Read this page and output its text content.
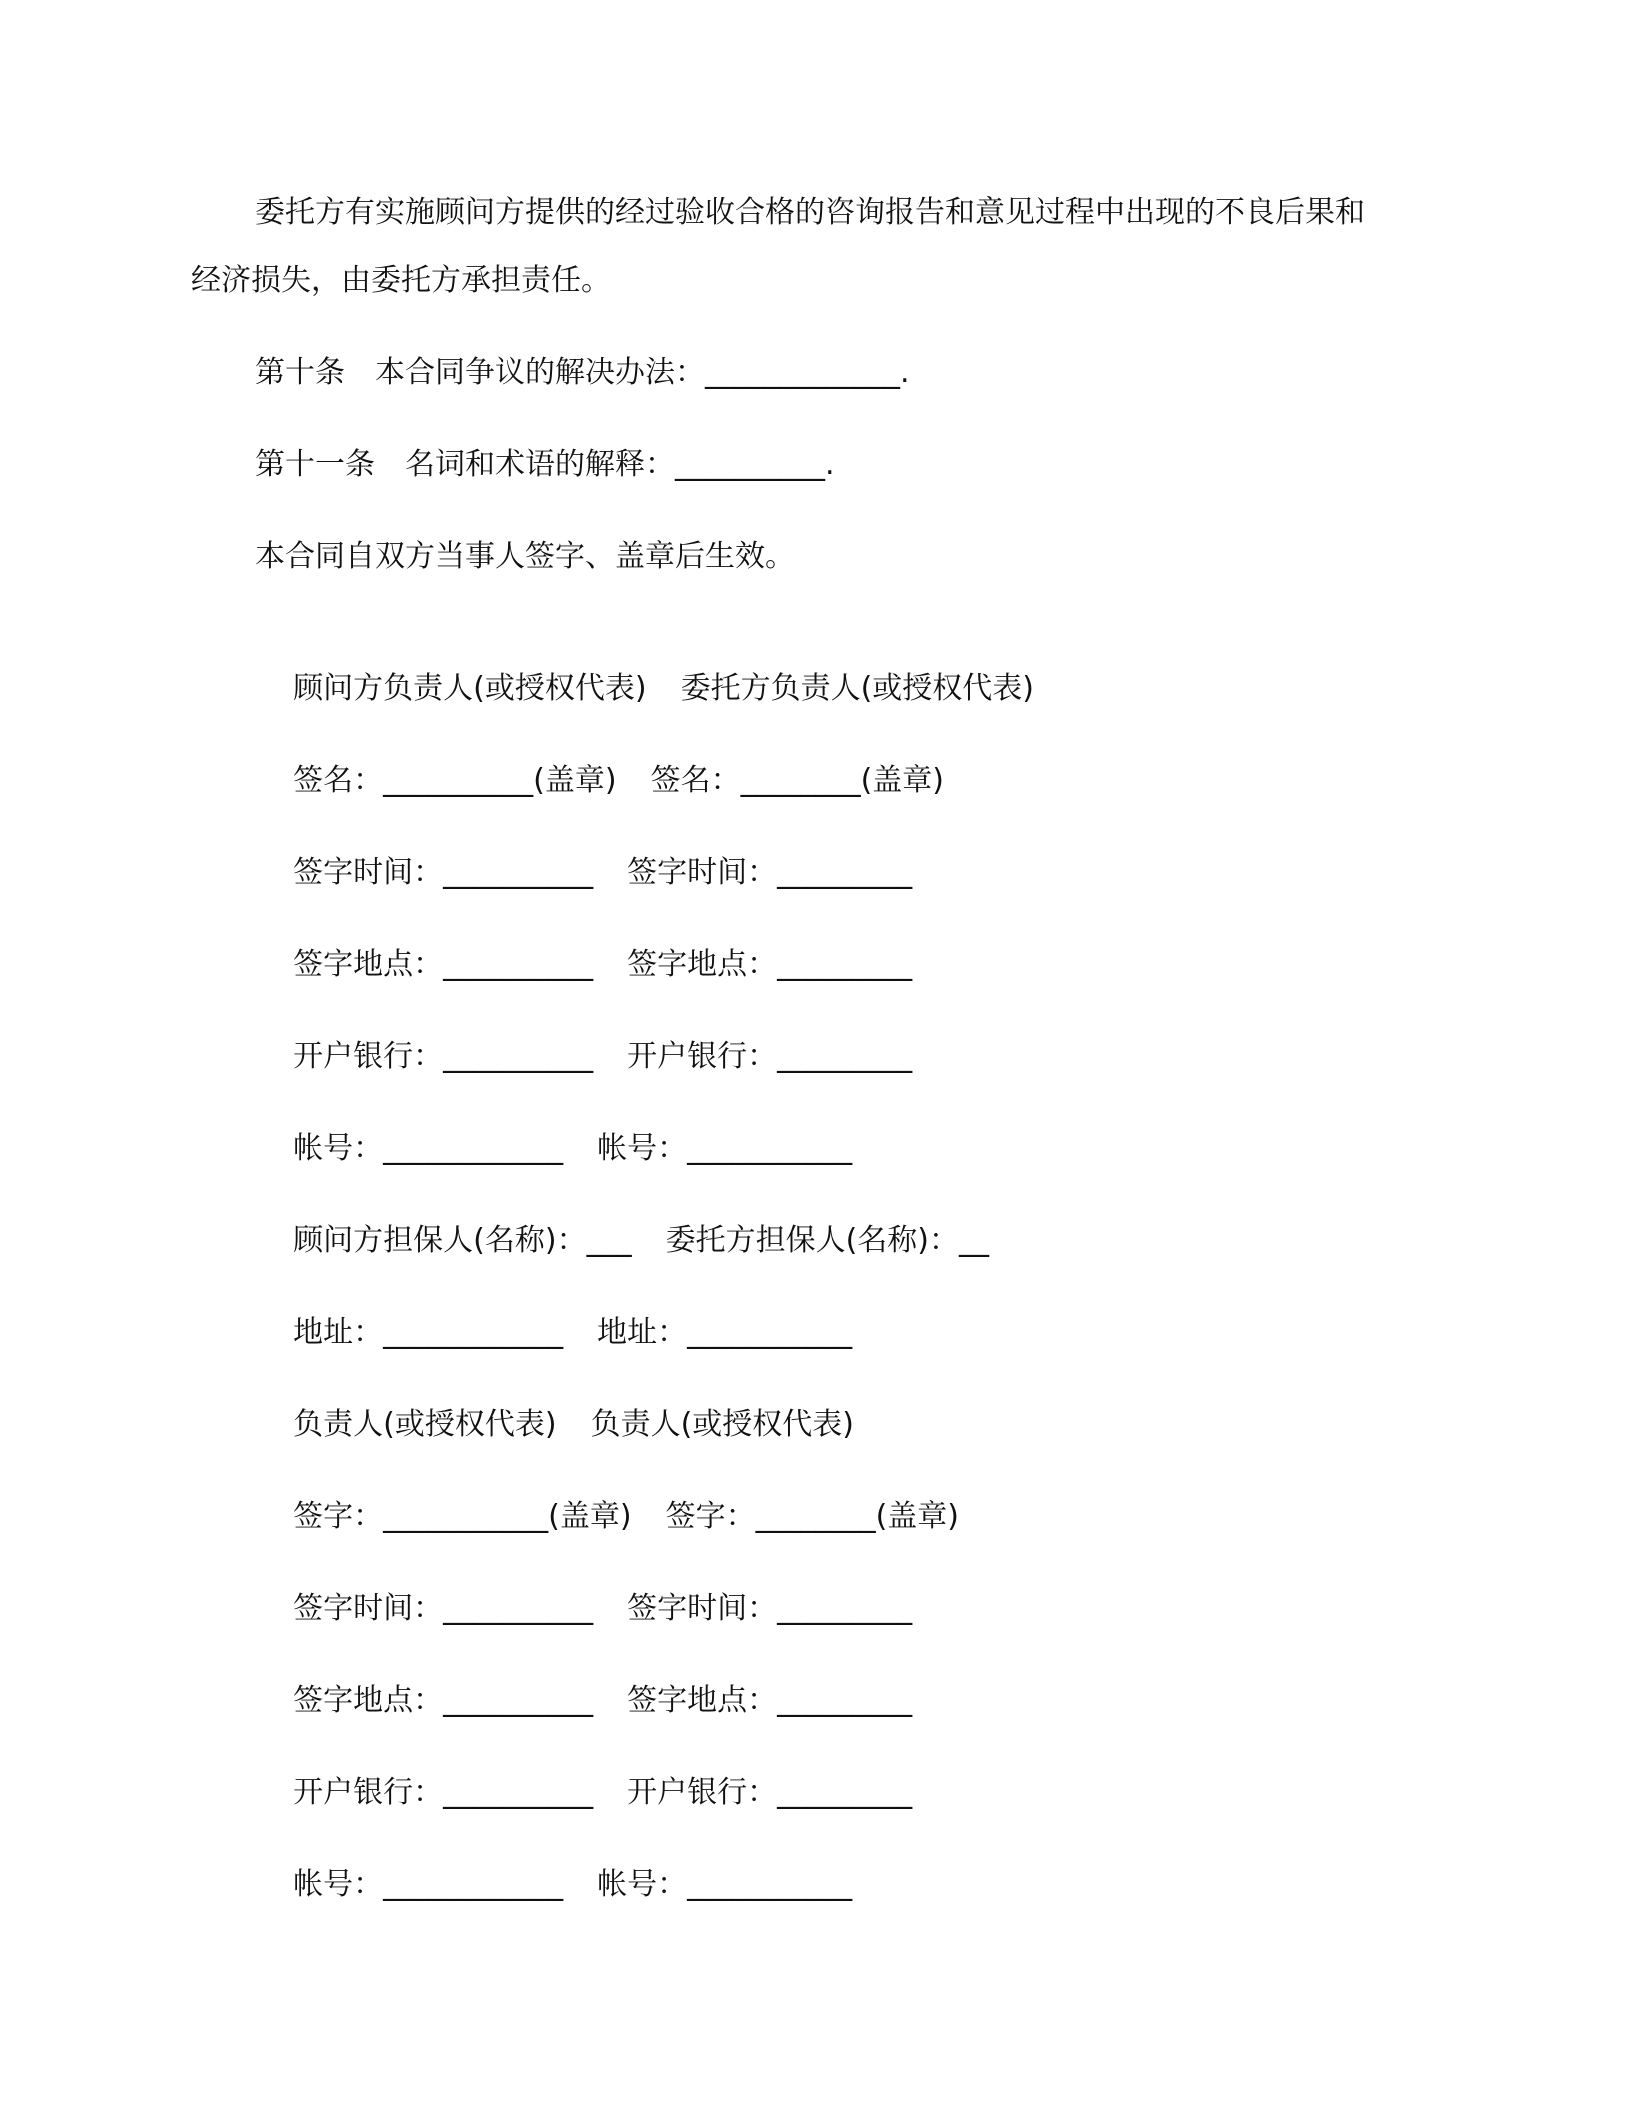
委托方有实施顾问方提供的经过验收合格的咨询报告和意见过程中出现的不良后果和
经济损失，由委托方承担责任。
第十条　本合同争议的解决办法：_____________.
第十一条　名词和术语的解释：__________.
本合同自双方当事人签字、盖章后生效。

顾问方负责人(或授权代表) 委托方负责人(或授权代表)

签名：__________(盖章) 签名：________(盖章)

签字时间：__________ 签字时间：_________

签字地点：__________ 签字地点：_________

开户银行：__________ 开户银行：_________

帐号：____________ 帐号：___________

顾问方担保人(名称)：___ 委托方担保人(名称)：__

地址：____________ 地址：___________

负责人(或授权代表) 负责人(或授权代表)

签字：___________(盖章) 签字：________(盖章)

签字时间：__________ 签字时间：_________

签字地点：__________ 签字地点：_________

开户银行：__________ 开户银行：_________

帐号：____________ 帐号：___________
